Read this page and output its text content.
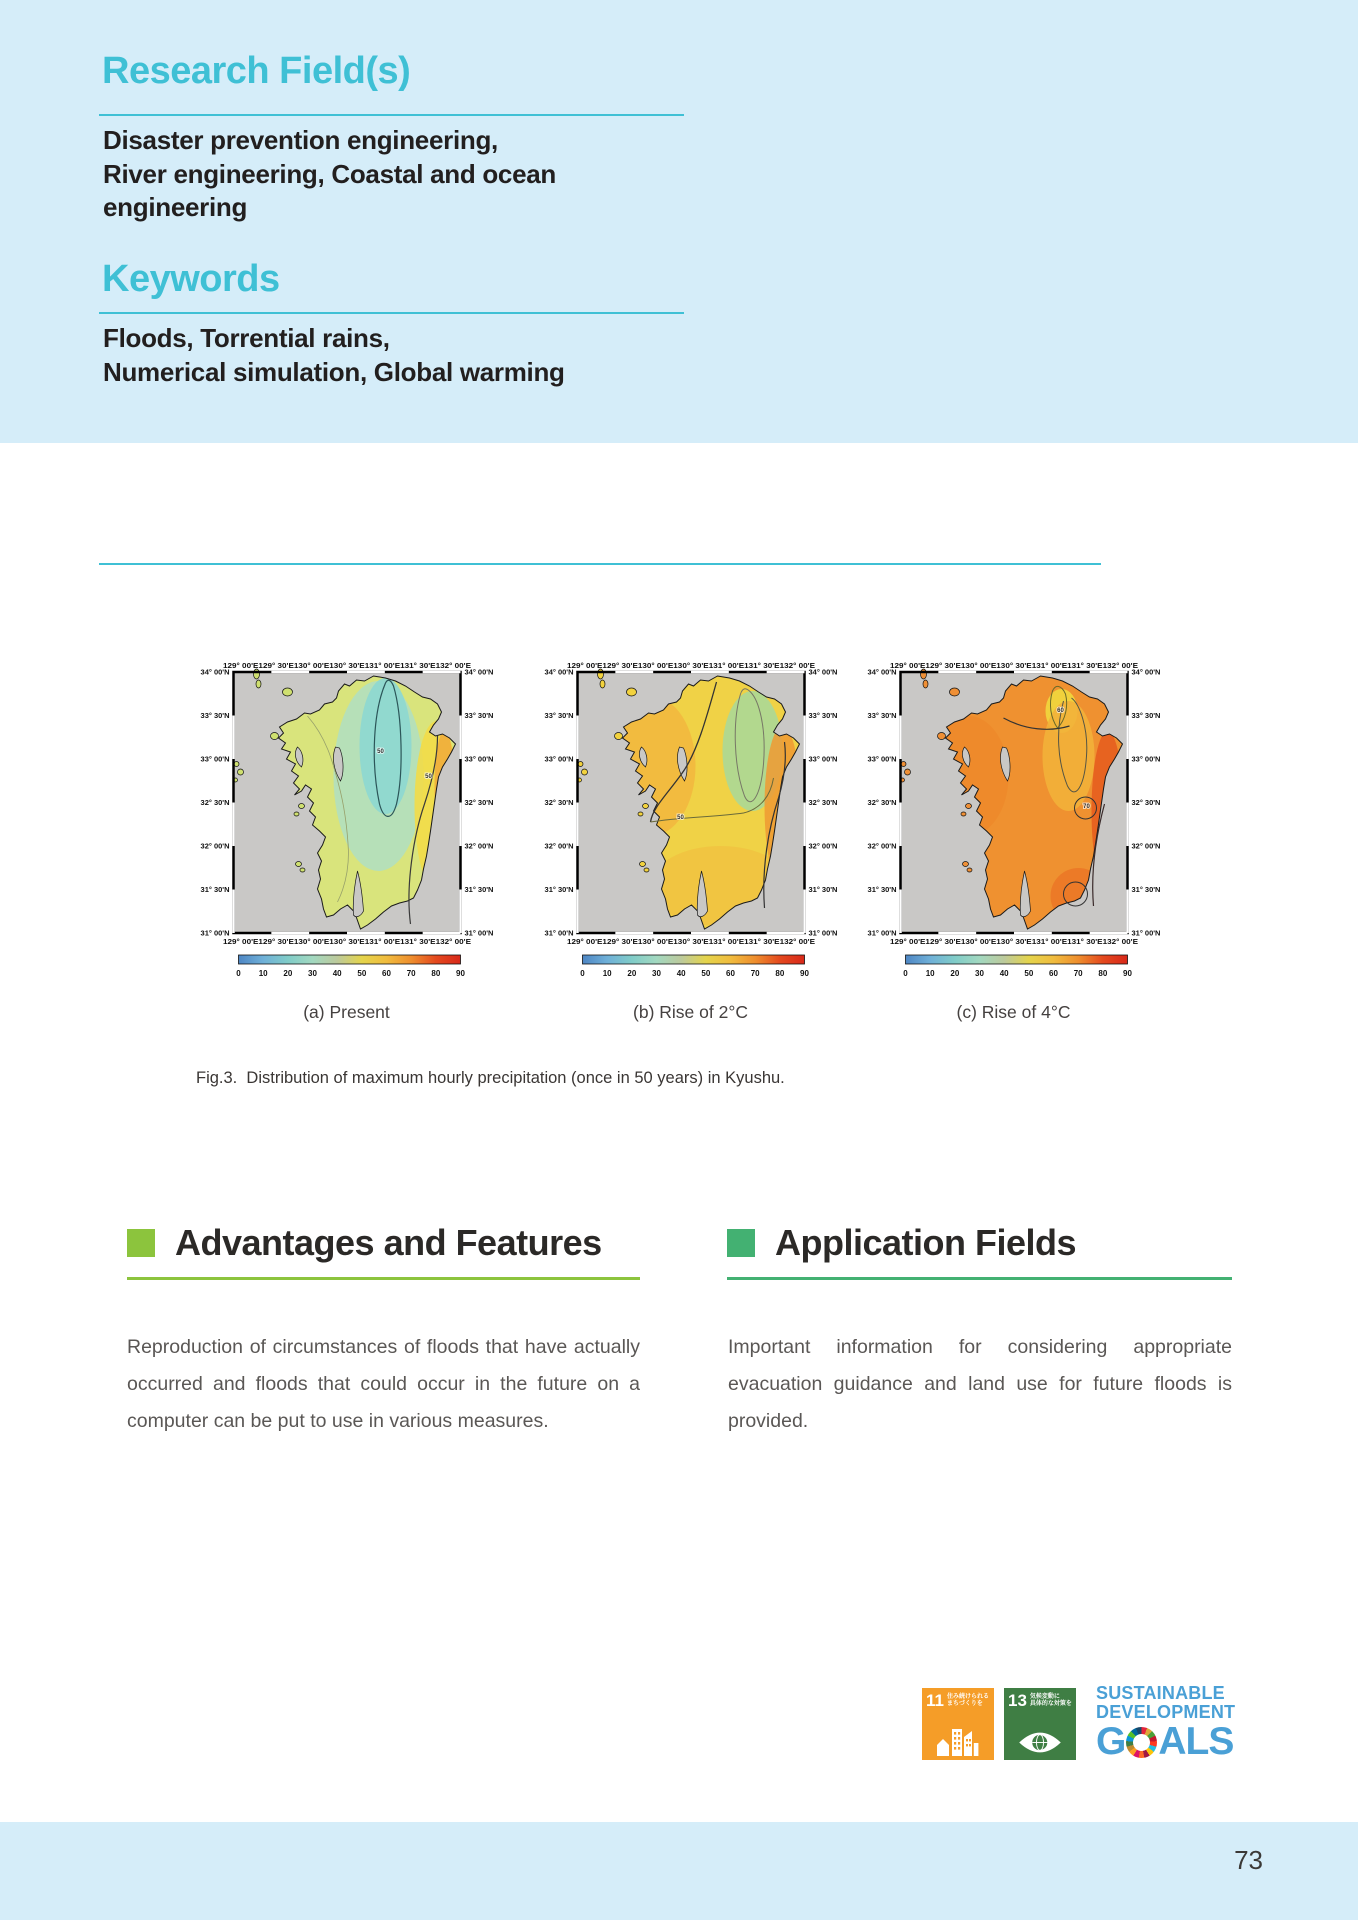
Research Field(s)
Disaster prevention engineering,
River engineering, Coastal and ocean
engineering
Keywords
Floods, Torrential rains,
Numerical simulation, Global warming
50
50
34° 00'N	34° 00'N
33° 30'N	33° 30'N
33° 00'N	33° 00'N
32° 30'N	32° 30'N
32° 00'N	32° 00'N
31° 30'N	31° 30'N
31° 00'N	31° 00'N
129° 00'E129° 30'E130° 00'E130° 30'E131° 00'E131° 30'E132° 00'E
129° 00'E129° 30'E130° 00'E130° 30'E131° 00'E131° 30'E132° 00'E
0 10 20 30 40 50 60 70 80 90
50
34° 00'N	34° 00'N
33° 30'N	33° 30'N
33° 00'N	33° 00'N
32° 30'N	32° 30'N
32° 00'N	32° 00'N
31° 30'N	31° 30'N
31° 00'N	31° 00'N
129° 00'E129° 30'E130° 00'E130° 30'E131° 00'E131° 30'E132° 00'E
129° 00'E129° 30'E130° 00'E130° 30'E131° 00'E131° 30'E132° 00'E
0 10 20 30 40 50 60 70 80 90
60
70
34° 00'N	34° 00'N
33° 30'N	33° 30'N
33° 00'N	33° 00'N
32° 30'N	32° 30'N
32° 00'N	32° 00'N
31° 30'N	31° 30'N
31° 00'N	31° 00'N
129° 00'E129° 30'E130° 00'E130° 30'E131° 00'E131° 30'E132° 00'E
129° 00'E129° 30'E130° 00'E130° 30'E131° 00'E131° 30'E132° 00'E
0 10 20 30 40 50 60 70 80 90
(a) Present	(b) Rise of 2°C	(c) Rise of 4°C
Fig.3.  Distribution of maximum hourly precipitation (once in 50 years) in Kyushu.
Advantages and Features
Reproduction of circumstances of floods that have actually occurred and floods that could occur in the future on a computer can be put to use in various measures.
Application Fields
Important information for considering appropriate evacuation guidance and land use for future floods is provided.
11 住み続けられる
まちづくりを	13 気候変動に
具体的な対策を
SUSTAINABLE
DEVELOPMENT
G ALS
73
